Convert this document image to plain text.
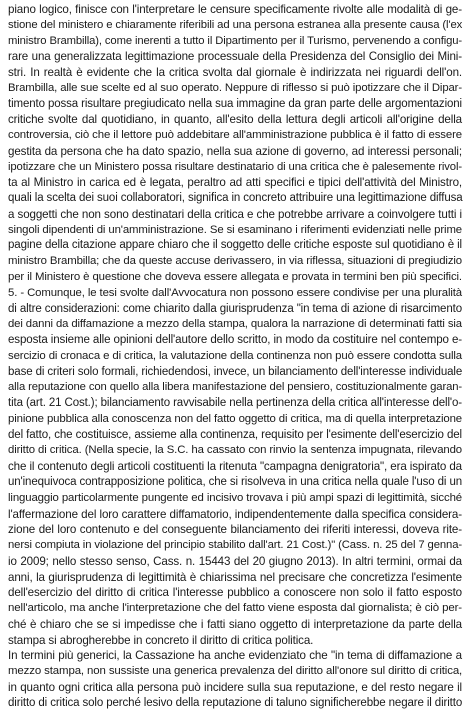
piano logico, finisce con l'interpretare le censure specificamente rivolte alle modalità di ge-
stione del ministero e chiaramente riferibili ad una persona estranea alla presente causa (l'ex
ministro Brambilla), come inerenti a tutto il Dipartimento per il Turismo, pervenendo a configu-
rare una generalizzata legittimazione processuale della Presidenza del Consiglio dei Mini-
stri. In realtà è evidente che la critica svolta dal giornale è indirizzata nei riguardi dell'on.
Brambilla, alle sue scelte ed al suo operato. Neppure di riflesso si può ipotizzare che il Dipar-
timento possa risultare pregiudicato nella sua immagine da gran parte delle argomentazioni
critiche svolte dal quotidiano, in quanto, all'esito della lettura degli articoli all'origine della
controversia, ciò che il lettore può addebitare all'amministrazione pubblica è il fatto di essere
gestita da persona che ha dato spazio, nella sua azione di governo, ad interessi personali;
ipotizzare che un Ministero possa risultare destinatario di una critica che è palesemente rivol-
ta al Ministro in carica ed è legata, peraltro ad atti specifici e tipici dell'attività del Ministro,
quali la scelta dei suoi collaboratori, significa in concreto attribuire una legittimazione diffusa
a soggetti che non sono destinatari della critica e che potrebbe arrivare a coinvolgere tutti i
singoli dipendenti di un'amministrazione. Se si esaminano i riferimenti evidenziati nelle prime
pagine della citazione appare chiaro che il soggetto delle critiche esposte sul quotidiano è il
ministro Brambilla; che da queste accuse derivassero, in via riflessa, situazioni di pregiudizio
per il Ministero è questione che doveva essere allegata e provata in termini ben più specifici.
5. - Comunque, le tesi svolte dall'Avvocatura non possono essere condivise per una pluralità
di altre considerazioni: come chiarito dalla giurisprudenza "in tema di azione di risarcimento
dei danni da diffamazione a mezzo della stampa, qualora la narrazione di determinati fatti sia
esposta insieme alle opinioni dell'autore dello scritto, in modo da costituire nel contempo e-
sercizio di cronaca e di critica, la valutazione della continenza non può essere condotta sulla
base di criteri solo formali, richiedendosi, invece, un bilanciamento dell'interesse individuale
alla reputazione con quello alla libera manifestazione del pensiero, costituzionalmente garan-
tita (art. 21 Cost.); bilanciamento ravvisabile nella pertinenza della critica all'interesse dell'o-
pinione pubblica alla conoscenza non del fatto oggetto di critica, ma di quella interpretazione
del fatto, che costituisce, assieme alla continenza, requisito per l'esimente dell'esercizio del
diritto di critica. (Nella specie, la S.C. ha cassato con rinvio la sentenza impugnata, rilevando
che il contenuto degli articoli costituenti la ritenuta "campagna denigratoria", era ispirato da
un'inequivoca contrapposizione politica, che si risolveva in una critica nella quale l'uso di un
linguaggio particolarmente pungente ed incisivo trovava i più ampi spazi di legittimità, sicché
l'affermazione del loro carattere diffamatorio, indipendentemente dalla specifica considera-
zione del loro contenuto e del conseguente bilanciamento dei riferiti interessi, doveva rite-
nersi compiuta in violazione del principio stabilito dall'art. 21 Cost.)" (Cass. n. 25 del 7 genna-
io 2009; nello stesso senso, Cass. n. 15443 del 20 giugno 2013). In altri termini, ormai da
anni, la giurisprudenza di legittimità è chiarissima nel precisare che concretizza l'esimente
dell'esercizio del diritto di critica l'interesse pubblico a conoscere non solo il fatto esposto
nell'articolo, ma anche l'interpretazione che del fatto viene esposta dal giornalista; è ciò per-
ché è chiaro che se si impedisse che i fatti siano oggetto di interpretazione da parte della
stampa si abrogherebbe in concreto il diritto di critica politica.
In termini più generici, la Cassazione ha anche evidenziato che "in tema di diffamazione a
mezzo stampa, non sussiste una generica prevalenza del diritto all'onore sul diritto di critica,
in quanto ogni critica alla persona può incidere sulla sua reputazione, e del resto negare il
diritto di critica solo perché lesivo della reputazione di taluno significherebbe negare il diritto
